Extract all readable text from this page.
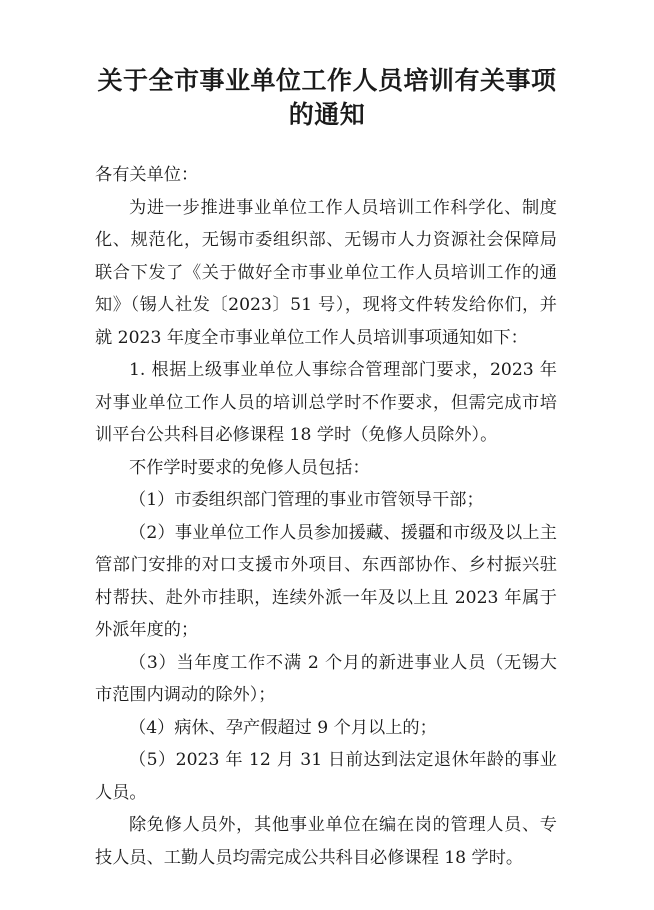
关于全市事业单位工作人员培训有关事项
的通知

各有关单位：

为进一步推进事业单位工作人员培训工作科学化、制度化、规范化，无锡市委组织部、无锡市人力资源社会保障局联合下发了《关于做好全市事业单位工作人员培训工作的通知》（锡人社发〔2023〕51 号），现将文件转发给你们，并就 2023 年度全市事业单位工作人员培训事项通知如下：

1. 根据上级事业单位人事综合管理部门要求，2023 年对事业单位工作人员的培训总学时不作要求，但需完成市培训平台公共科目必修课程 18 学时（免修人员除外）。

不作学时要求的免修人员包括：

（1）市委组织部门管理的事业市管领导干部；

（2）事业单位工作人员参加援藏、援疆和市级及以上主管部门安排的对口支援市外项目、东西部协作、乡村振兴驻村帮扶、赴外市挂职，连续外派一年及以上且 2023 年属于外派年度的；

（3）当年度工作不满 2 个月的新进事业人员（无锡大市范围内调动的除外）；

（4）病休、孕产假超过 9 个月以上的；

（5）2023 年 12 月 31 日前达到法定退休年龄的事业人员。

除免修人员外，其他事业单位在编在岗的管理人员、专技人员、工勤人员均需完成公共科目必修课程 18 学时。
